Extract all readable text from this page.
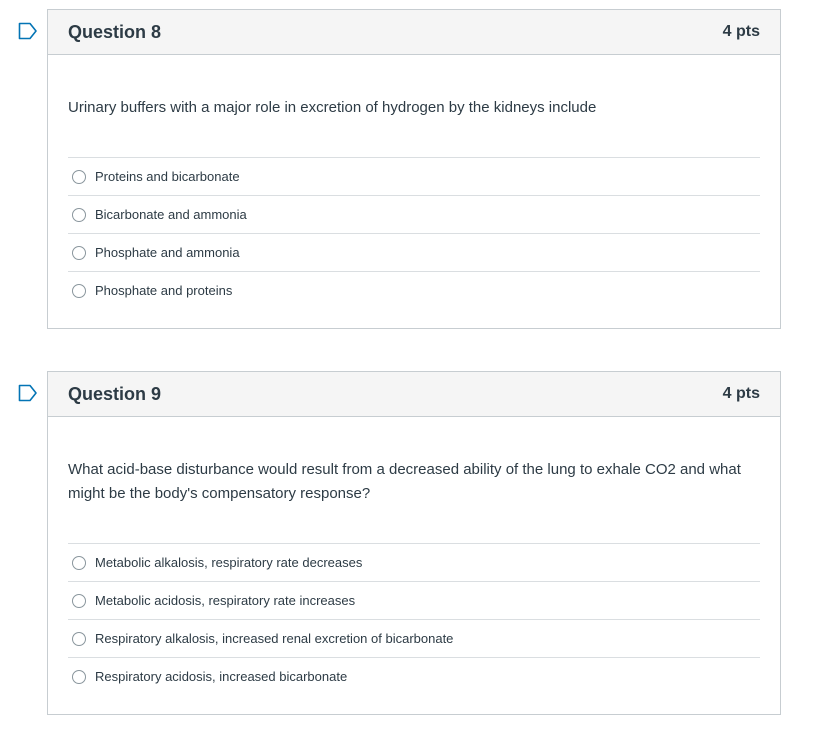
Question 8	4 pts
Urinary buffers with a major role in excretion of hydrogen by the kidneys include
Proteins and bicarbonate
Bicarbonate and ammonia
Phosphate and ammonia
Phosphate and proteins
Question 9	4 pts
What acid-base disturbance would result from a decreased ability of the lung to exhale CO2 and what might be the body's compensatory response?
Metabolic alkalosis, respiratory rate decreases
Metabolic acidosis, respiratory rate increases
Respiratory alkalosis, increased renal excretion of bicarbonate
Respiratory acidosis, increased bicarbonate
